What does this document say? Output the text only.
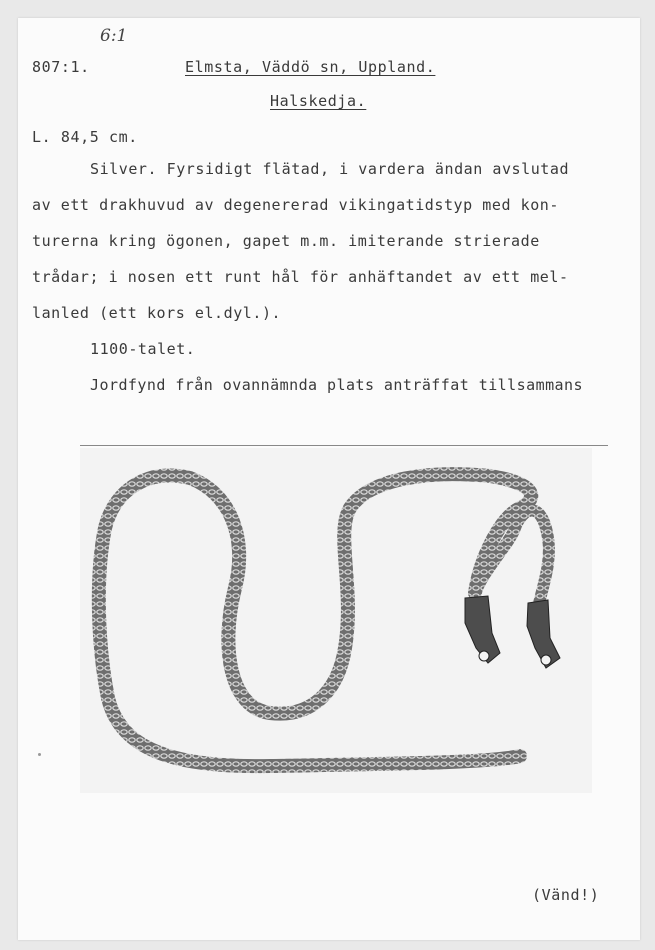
6:1
807:1.	Elmsta, Väddö sn, Uppland.
Halskedja.
L. 84,5 cm.
Silver. Fyrsidigt flätad, i vardera ändan avslutad
av ett drakhuvud av degenererad vikingatidstyp med kon-
turerna kring ögonen, gapet m.m. imiterande strierade
trådar; i nosen ett runt hål för anhäftandet av ett mel-
lanled (ett kors el.dyl.).
1100-talet.
Jordfynd från ovannämnda plats anträffat tillsammans
(Vänd!)
